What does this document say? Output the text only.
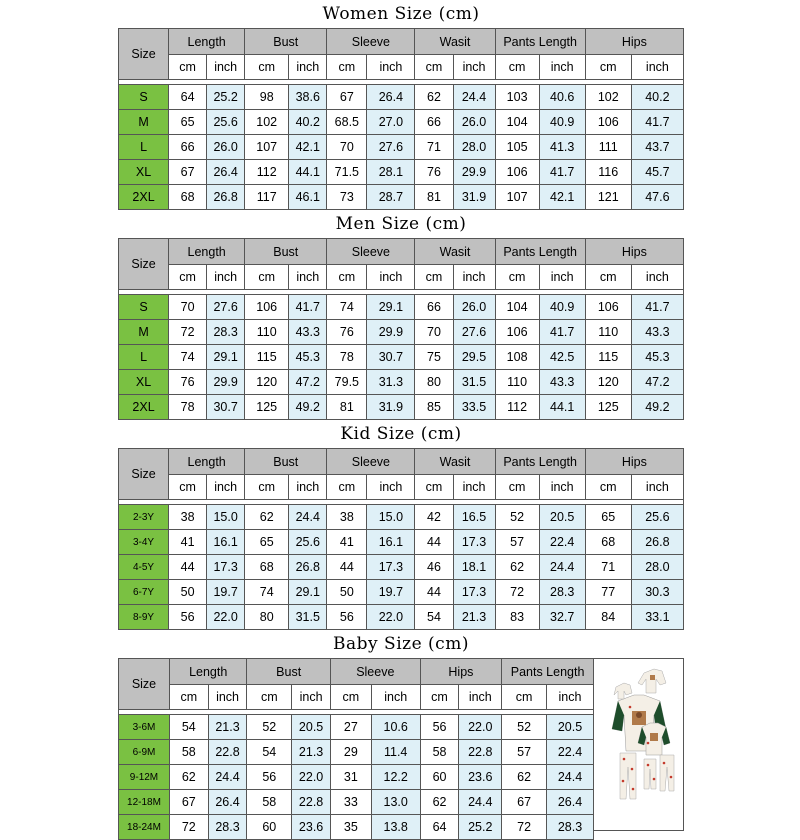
Women Size (cm)
Size	Length		Bust		Sleeve		Wasit		Pants Length		Hips	
	cm	inch	cm	inch	cm	inch	cm	inch	cm	inch	cm	inch

S	64	25.2	98	38.6	67	26.4	62	24.4	103	40.6	102	40.2
M	65	25.6	102	40.2	68.5	27.0	66	26.0	104	40.9	106	41.7
L	66	26.0	107	42.1	70	27.6	71	28.0	105	41.3	111	43.7
XL	67	26.4	112	44.1	71.5	28.1	76	29.9	106	41.7	116	45.7
2XL	68	26.8	117	46.1	73	28.7	81	31.9	107	42.1	121	47.6
Men Size (cm)
Size	Length		Bust		Sleeve		Wasit		Pants Length		Hips	
	cm	inch	cm	inch	cm	inch	cm	inch	cm	inch	cm	inch

S	70	27.6	106	41.7	74	29.1	66	26.0	104	40.9	106	41.7
M	72	28.3	110	43.3	76	29.9	70	27.6	106	41.7	110	43.3
L	74	29.1	115	45.3	78	30.7	75	29.5	108	42.5	115	45.3
XL	76	29.9	120	47.2	79.5	31.3	80	31.5	110	43.3	120	47.2
2XL	78	30.7	125	49.2	81	31.9	85	33.5	112	44.1	125	49.2
Kid Size (cm)
Size	Length		Bust		Sleeve		Wasit		Pants Length		Hips	
	cm	inch	cm	inch	cm	inch	cm	inch	cm	inch	cm	inch

2-3Y	38	15.0	62	24.4	38	15.0	42	16.5	52	20.5	65	25.6
3-4Y	41	16.1	65	25.6	41	16.1	44	17.3	57	22.4	68	26.8
4-5Y	44	17.3	68	26.8	44	17.3	46	18.1	62	24.4	71	28.0
6-7Y	50	19.7	74	29.1	50	19.7	44	17.3	72	28.3	77	30.3
8-9Y	56	22.0	80	31.5	56	22.0	54	21.3	83	32.7	84	33.1
Baby Size (cm)
Size	Length		Bust		Sleeve		Hips		Pants Length	
	cm	inch	cm	inch	cm	inch	cm	inch	cm	inch

3-6M	54	21.3	52	20.5	27	10.6	56	22.0	52	20.5
6-9M	58	22.8	54	21.3	29	11.4	58	22.8	57	22.4
9-12M	62	24.4	56	22.0	31	12.2	60	23.6	62	24.4
12-18M	67	26.4	58	22.8	33	13.0	62	24.4	67	26.4
18-24M	72	28.3	60	23.6	35	13.8	64	25.2	72	28.3
